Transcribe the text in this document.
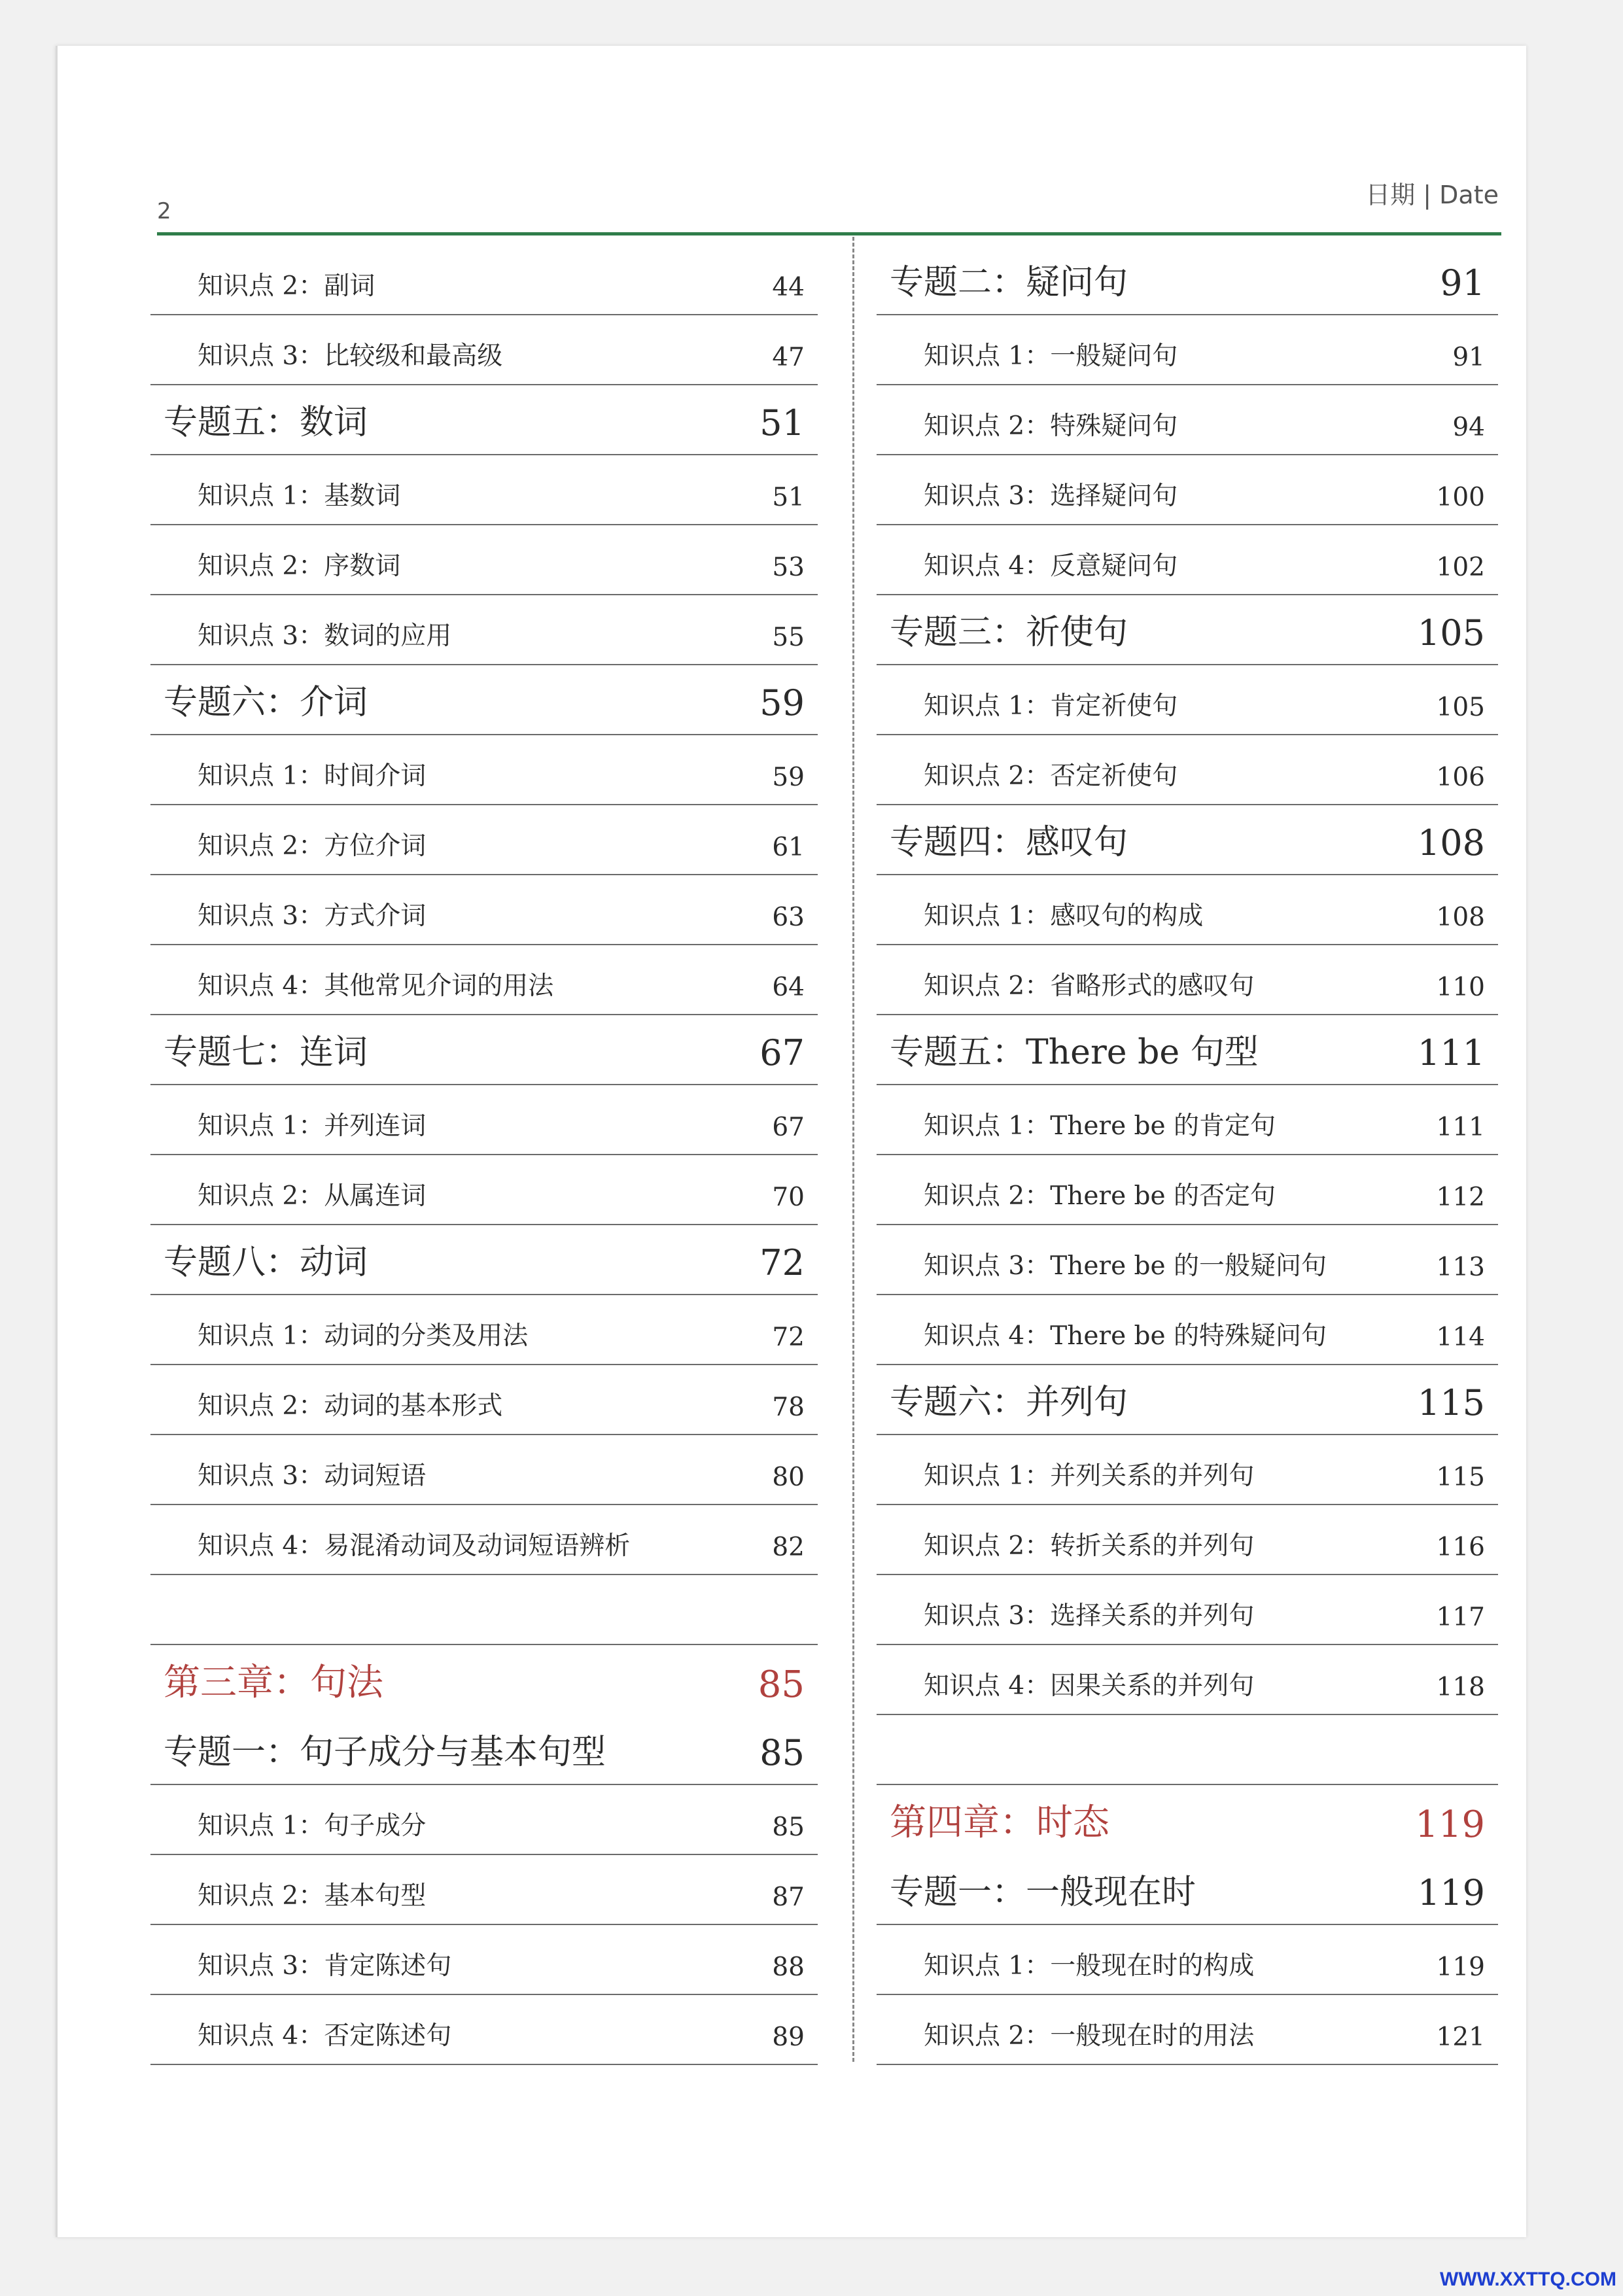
2
日期 | Date
知识点 2：副词	44
知识点 3：比较级和最高级	47
专题五：数词	51
知识点 1：基数词	51
知识点 2：序数词	53
知识点 3：数词的应用	55
专题六：介词	59
知识点 1：时间介词	59
知识点 2：方位介词	61
知识点 3：方式介词	63
知识点 4：其他常见介词的用法	64
专题七：连词	67
知识点 1：并列连词	67
知识点 2：从属连词	70
专题八：动词	72
知识点 1：动词的分类及用法	72
知识点 2：动词的基本形式	78
知识点 3：动词短语	80
知识点 4：易混淆动词及动词短语辨析	82
第三章：句法	85
专题一：句子成分与基本句型	85
知识点 1：句子成分	85
知识点 2：基本句型	87
知识点 3：肯定陈述句	88
知识点 4：否定陈述句	89
专题二：疑问句	91
知识点 1：一般疑问句	91
知识点 2：特殊疑问句	94
知识点 3：选择疑问句	100
知识点 4：反意疑问句	102
专题三：祈使句	105
知识点 1：肯定祈使句	105
知识点 2：否定祈使句	106
专题四：感叹句	108
知识点 1：感叹句的构成	108
知识点 2：省略形式的感叹句	110
专题五：There be 句型	111
知识点 1：There be 的肯定句	111
知识点 2：There be 的否定句	112
知识点 3：There be 的一般疑问句	113
知识点 4：There be 的特殊疑问句	114
专题六：并列句	115
知识点 1：并列关系的并列句	115
知识点 2：转折关系的并列句	116
知识点 3：选择关系的并列句	117
知识点 4：因果关系的并列句	118
第四章：时态	119
专题一：一般现在时	119
知识点 1：一般现在时的构成	119
知识点 2：一般现在时的用法	121
WWW.XXTTQ.COM
